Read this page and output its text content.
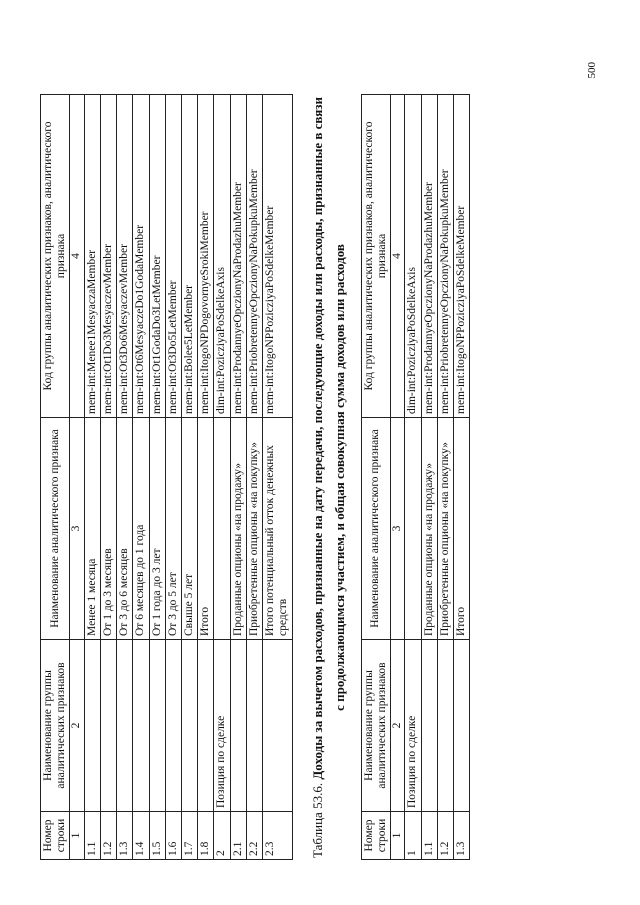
500
Номер строки	Наименование группы аналитических признаков	Наименование аналитического признака	Код группы аналитических признаков, аналитического признака
1	2	3	4
1.1		Менее 1 месяца	mem-int:Menee1MesyaczaMember
1.2		От 1 до 3 месяцев	mem-int:Ot1Do3MesyaczevMember
1.3		От 3 до 6 месяцев	mem-int:Ot3Do6MesyaczevMember
1.4		От 6 месяцев до 1 года	mem-int:Ot6MesyaczeDo1GodaMember
1.5		От 1 года до 3 лет	mem-int:Ot1GodaDo3LetMember
1.6		От 3 до 5 лет	mem-int:Ot3Do5LetMember
1.7		Свыше 5 лет	mem-int:Bolee5LetMember
1.8		Итого	mem-int:ItogoNPDogovornyeSrokiMember
2	Позиция по сделке		dim-int:PozicziyaPoSdelkeAxis
2.1		Проданные опционы «на продажу»	mem-int:ProdannyeOpczionyNaProdazhuMember
2.2		Приобретенные опционы «на покупку»	mem-int:PriobretennyeOpczionyNaPokupkuMember
2.3		Итого потенциальный отток денежных средств	mem-int:ItogoNPPozicziyaPoSdelkeMember
Таблица 53.6. Доходы за вычетом расходов, признанные на дату передачи, последующие доходы или расходы, признанные в связи с продолжающимся участием, и общая совокупная сумма доходов или расходов
Номер строки	Наименование группы аналитических признаков	Наименование аналитического признака	Код группы аналитических признаков, аналитического признака
1	2	3	4
1	Позиция по сделке		dim-int:PozicziyaPoSdelkeAxis
1.1		Проданные опционы «на продажу»	mem-int:ProdannyeOpczionyNaProdazhuMember
1.2		Приобретенные опционы «на покупку»	mem-int:PriobretennyeOpczionyNaPokupkuMember
1.3		Итого	mem-int:ItogoNPPozicziyaPoSdelkeMember
